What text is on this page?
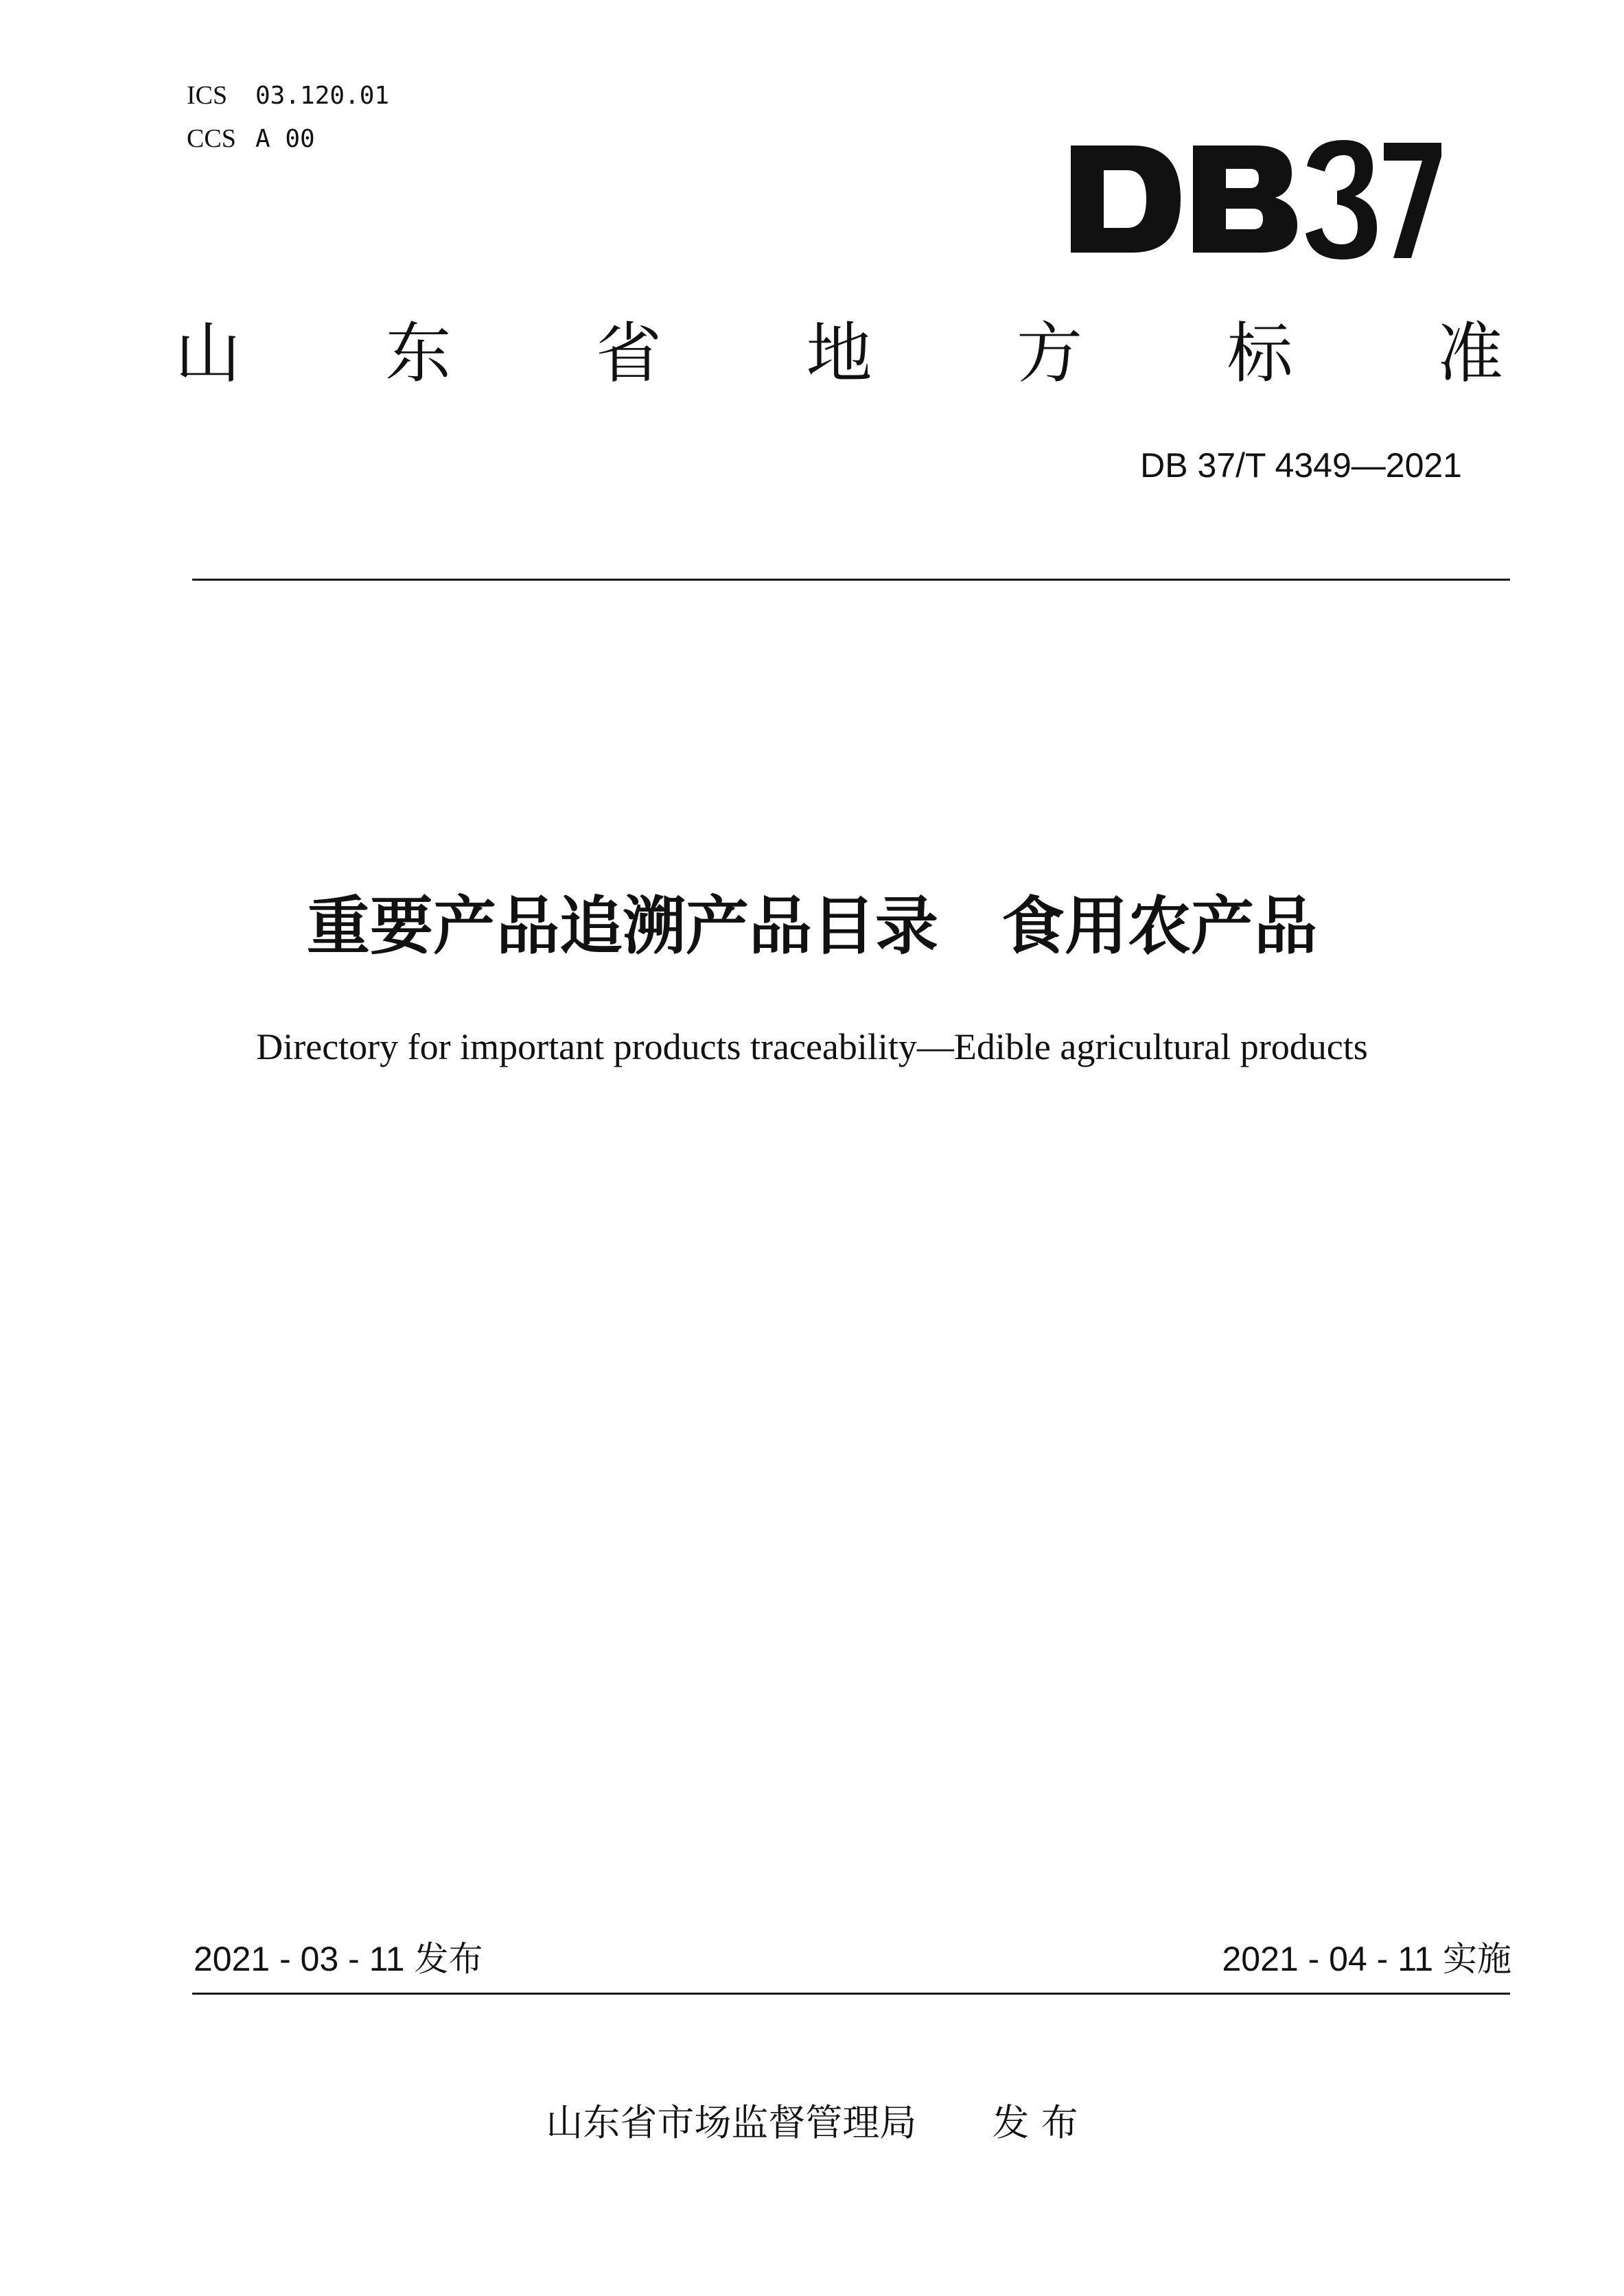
ICS 03.120.01
CCS A 00
山 东 省 地 方 标 准
DB 37/T 4349—2021
重要产品追溯产品目录　食用农产品
Directory for important products traceability—Edible agricultural products
2021 - 03 - 11 发布	2021 - 04 - 11 实施
山东省市场监督管理局 发 布
